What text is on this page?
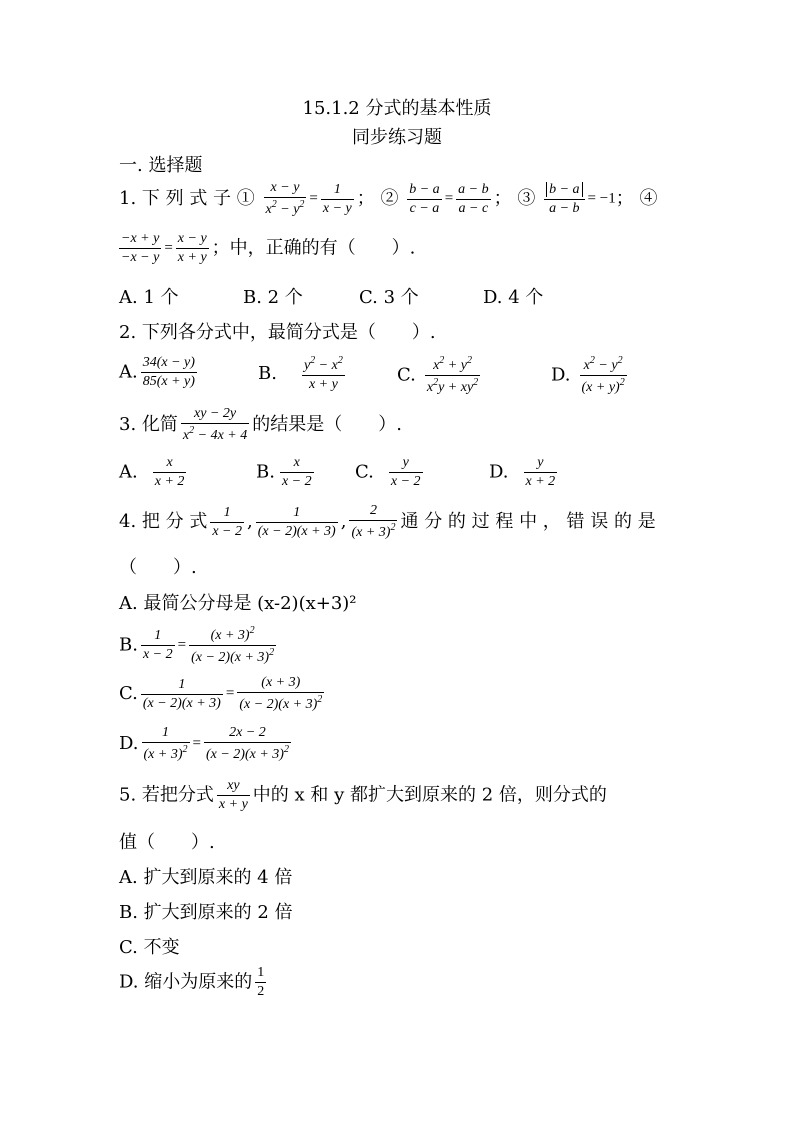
15.1.2 分式的基本性质
同步练习题
一. 选择题
1. 下 列 式 子 ① $\frac{x - y}{x^2 - y^2} = \frac{1}{x - y}$ ； ② $\frac{b - a}{c - a} = \frac{a - b}{a - c}$ ； ③ $\frac{b - a}{a - b} = -1$； ④
$\frac{-x + y}{-x - y} = \frac{x - y}{x + y}$ ；中，正确的有（　　）.
A. 1 个	B. 2 个	C. 3 个	D. 4 个
2. 下列各分式中，最简分式是（　　）.
A. $\frac{34(x - y)}{85(x + y)}$	B. $\frac{y^2 - x^2}{x + y}$	C. $\frac{x^2 + y^2}{x^2y + xy^2}$	D. $\frac{x^2 - y^2}{(x + y)^2}$
3. 化简 $\frac{xy - 2y}{x^2 - 4x + 4}$ 的结果是（　　）.
A. $\frac{x}{x + 2}$	B. $\frac{x}{x - 2} C$. $\frac{y}{x - 2}$	D. $\frac{y}{x + 2}$
4. 把 分 式 $\frac{1}{x - 2}$ , $\frac{1}{(x - 2)(x + 3)}$ , $\frac{2}{(x + 3)^2}$ 通 分 的 过 程 中 ， 错 误 的 是
（　　）.
A. 最简公分母是 (x-2)(x+3)²
B. $\frac{1}{x - 2} = \frac{(x + 3)^2}{(x - 2)(x + 3)^2}$
C. $\frac{1}{(x - 2)(x + 3)} = \frac{(x + 3)}{(x - 2)(x + 3)^2}$
D. $\frac{1}{(x + 3)^2} = \frac{2x - 2}{(x - 2)(x + 3)^2}$
5. 若把分式 $\frac{xy}{x + y}$ 中的 x 和 y 都扩大到原来的 2 倍，则分式的
值（　　）.
A. 扩大到原来的 4 倍
B. 扩大到原来的 2 倍
C. 不变
D. 缩小为原来的 $\frac{1}{2}$
